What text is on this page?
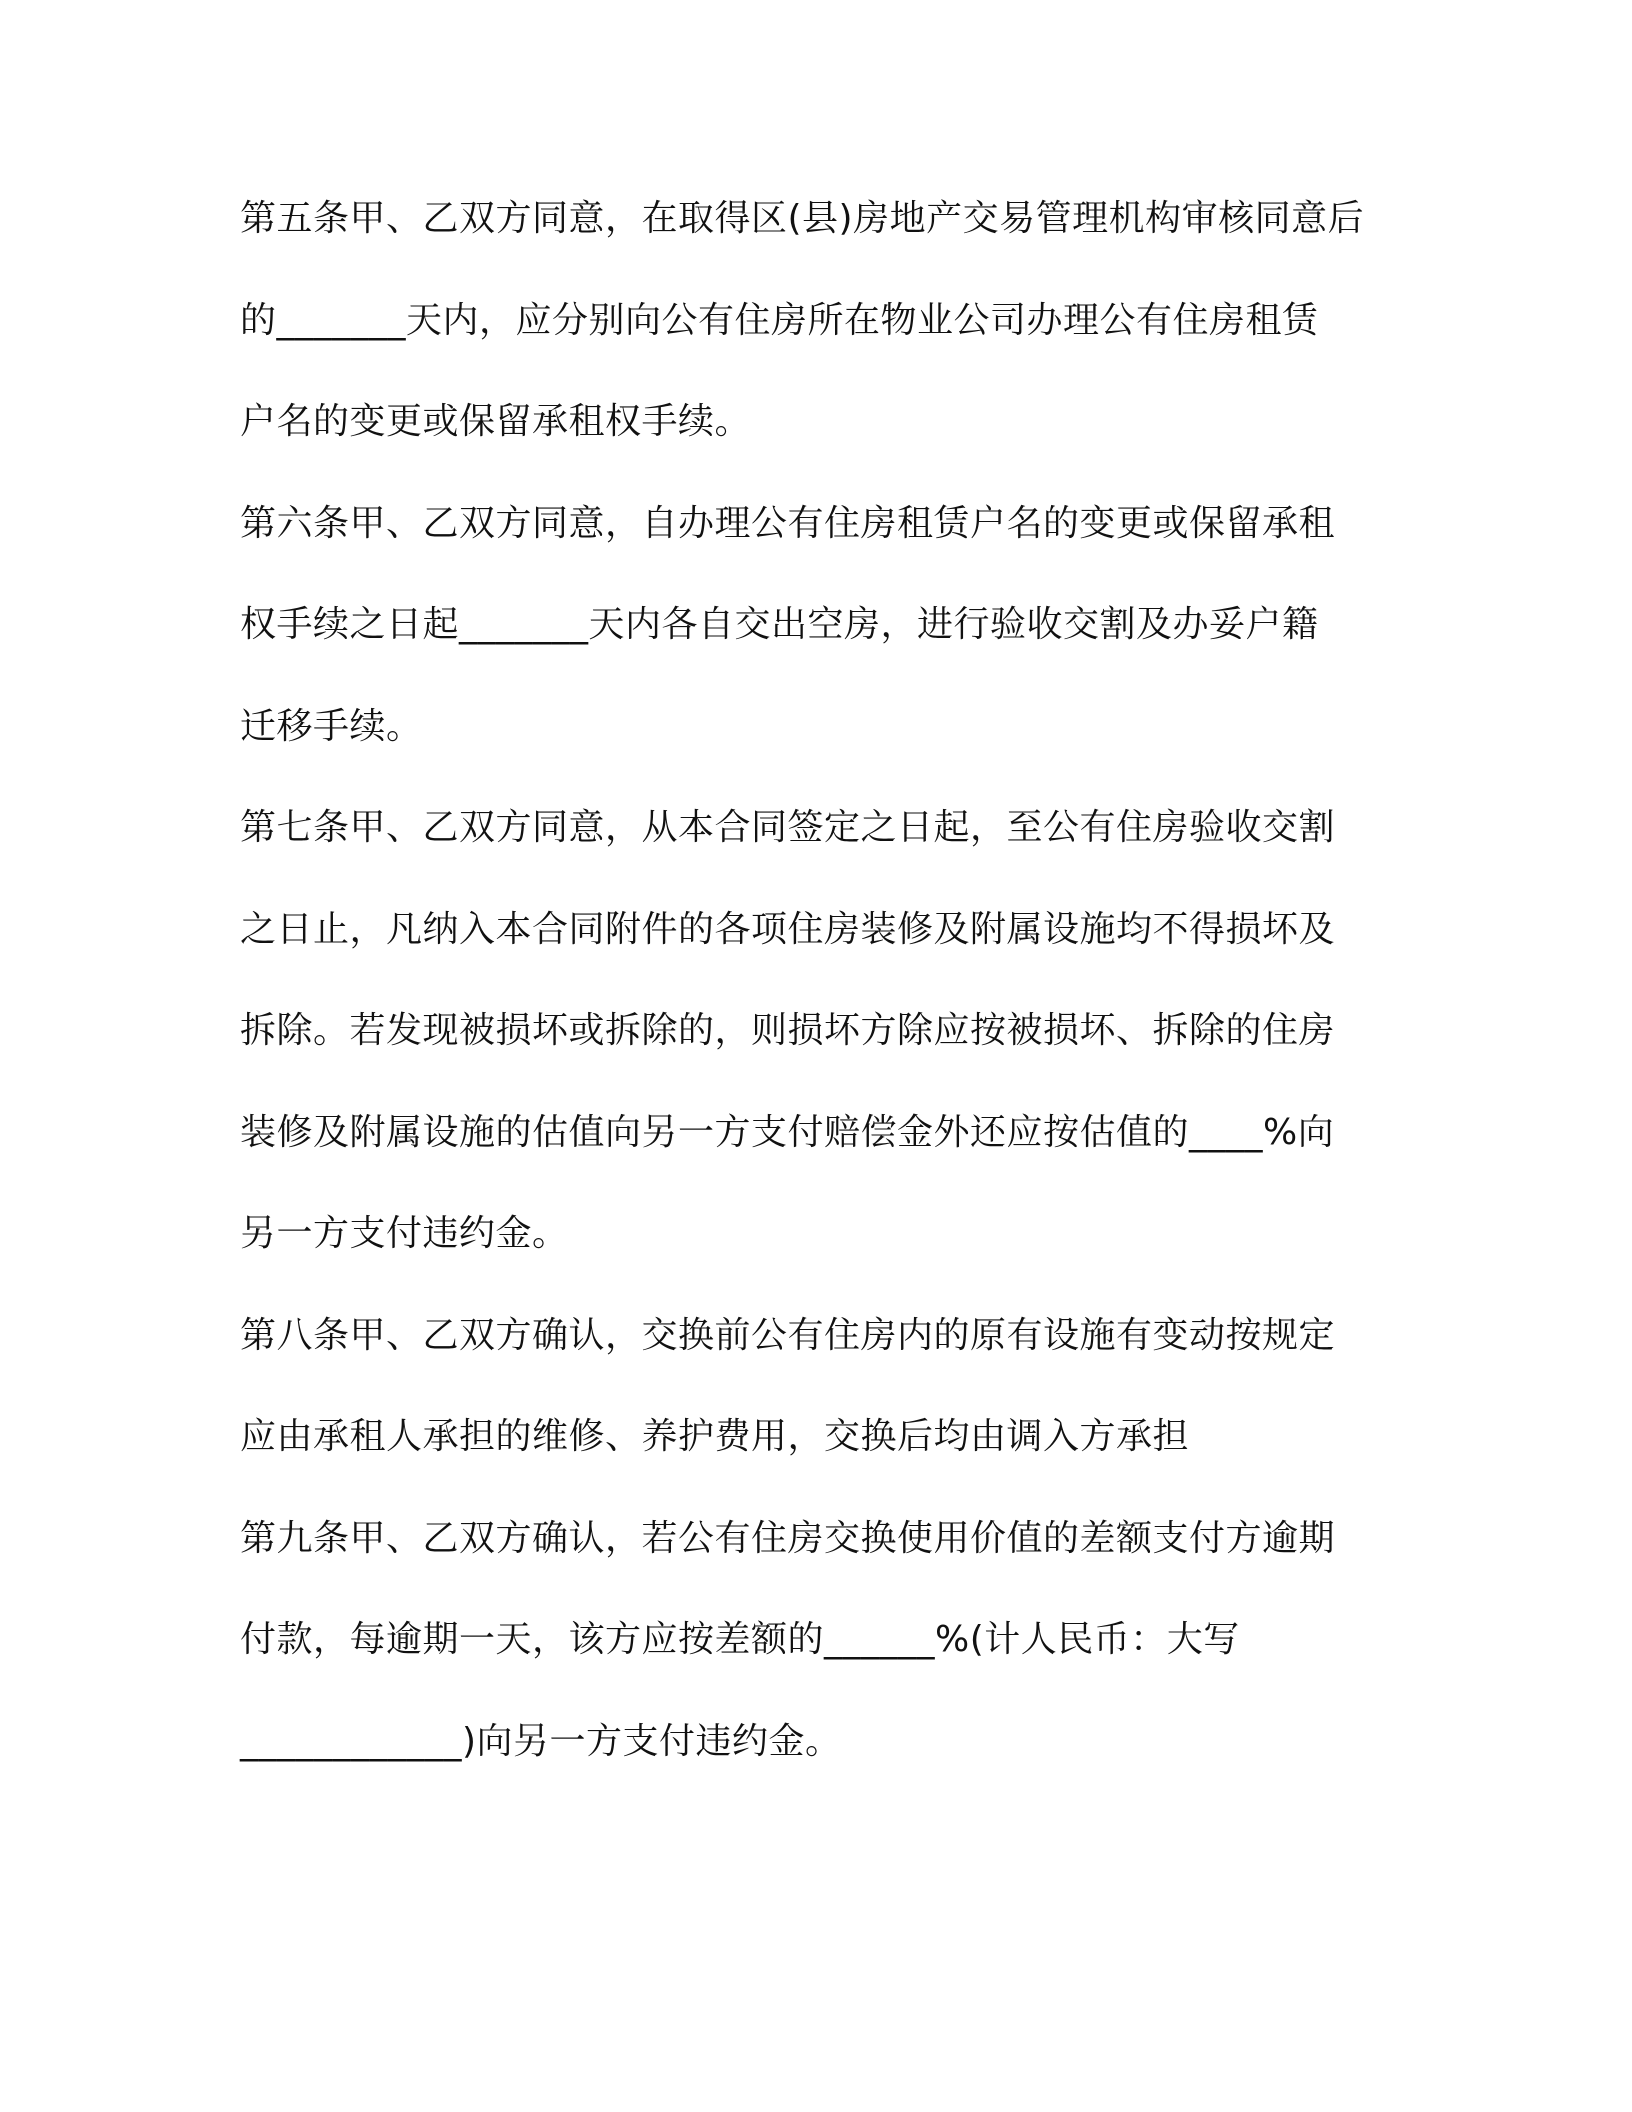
第五条甲、乙双方同意，在取得区(县)房地产交易管理机构审核同意后
的_______天内，应分别向公有住房所在物业公司办理公有住房租赁
户名的变更或保留承租权手续。
第六条甲、乙双方同意，自办理公有住房租赁户名的变更或保留承租
权手续之日起_______天内各自交出空房，进行验收交割及办妥户籍
迁移手续。
第七条甲、乙双方同意，从本合同签定之日起，至公有住房验收交割
之日止，凡纳入本合同附件的各项住房装修及附属设施均不得损坏及
拆除。若发现被损坏或拆除的，则损坏方除应按被损坏、拆除的住房
装修及附属设施的估值向另一方支付赔偿金外还应按估值的____%向
另一方支付违约金。
第八条甲、乙双方确认，交换前公有住房内的原有设施有变动按规定
应由承租人承担的维修、养护费用，交换后均由调入方承担
第九条甲、乙双方确认，若公有住房交换使用价值的差额支付方逾期
付款，每逾期一天，该方应按差额的______%(计人民币：大写
____________)向另一方支付违约金。
